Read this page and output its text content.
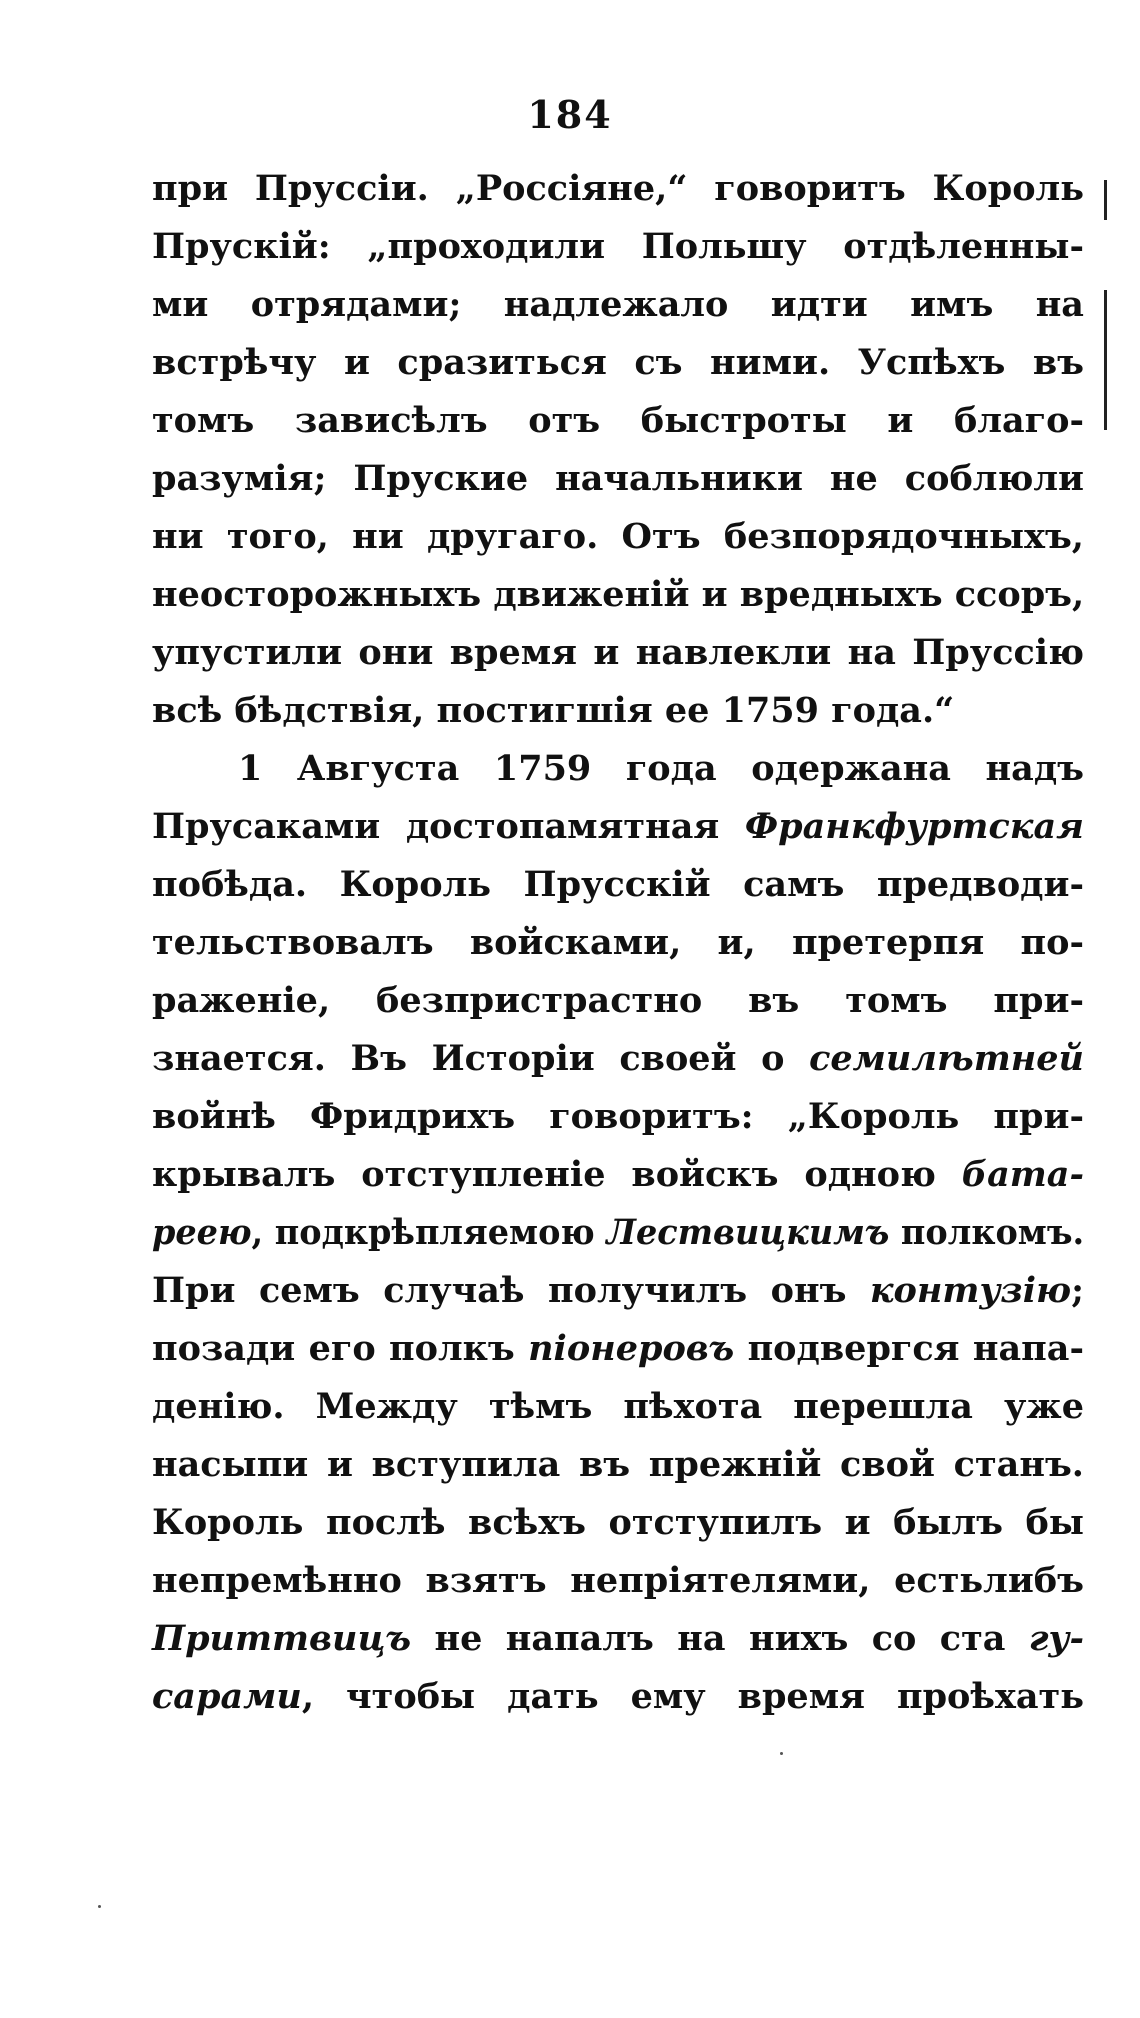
184
при Пруссіи. „Россіяне,“ говоритъ Король
Прускій: „проходили Польшу отдѣленны-
ми отрядами; надлежало идти имъ на
встрѣчу и сразиться съ ними. Успѣхъ въ
томъ зависѣлъ отъ быстроты и благо-
разумія; Пруские начальники не соблюли
ни того, ни другаго. Отъ безпорядочныхъ,
неосторожныхъ движеній и вредныхъ ссоръ,
упустили они время и навлекли на Пруссію
всѣ бѣдствія, постигшія ее 1759 года.“
1 Августа 1759 года одержана надъ
Прусаками достопамятная Франкфуртская
побѣда. Король Прусскій самъ предводи-
тельствовалъ войсками, и, претерпя по-
раженіе, безпристрастно въ томъ при-
знается. Въ Исторіи своей о семилѣтней
войнѣ Фридрихъ говоритъ: „Король при-
крывалъ отступленіе войскъ одною бата-
реею, подкрѣпляемою Лествицкимъ полкомъ.
При семъ случаѣ получилъ онъ контузію;
позади его полкъ піонеровъ подвергся напа-
денію. Между тѣмъ пѣхота перешла уже
насыпи и вступила въ прежній свой станъ.
Король послѣ всѣхъ отступилъ и былъ бы
непремѣнно взятъ непріятелями, естьлибъ
Приттвицъ не напалъ на нихъ со ста гу-
сарами, чтобы дать ему время проѣхать
